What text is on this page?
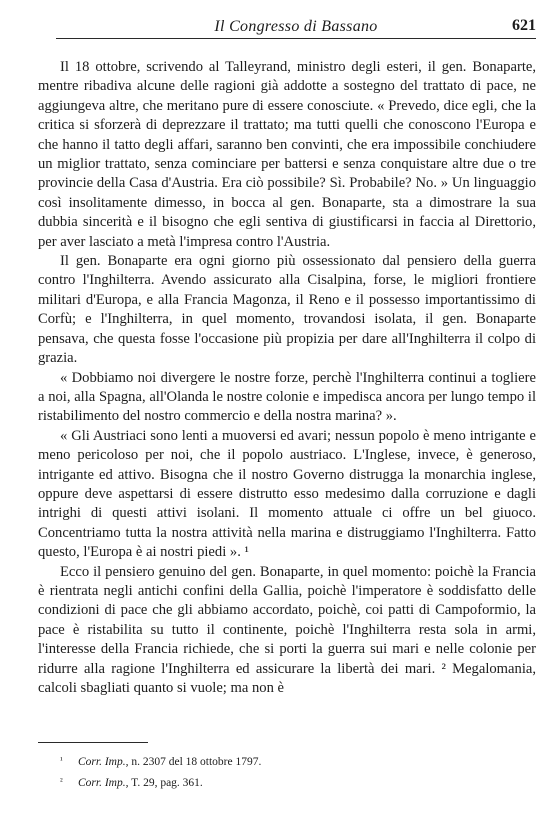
Il Congresso di Bassano	621

Il 18 ottobre, scrivendo al Talleyrand, ministro degli esteri, il gen. Bonaparte, mentre ribadiva alcune delle ragioni già addotte a sostegno del trattato di pace, ne aggiungeva altre, che meritano pure di essere conosciute. « Prevedo, dice egli, che la critica si sforzerà di deprezzare il trattato; ma tutti quelli che conoscono l'Europa e che hanno il tatto degli affari, saranno ben convinti, che era impossibile conchiudere un miglior trattato, senza cominciare per battersi e senza conquistare altre due o tre provincie della Casa d'Austria. Era ciò possibile? Sì. Probabile? No. » Un linguaggio così insolitamente dimesso, in bocca al gen. Bonaparte, sta a dimostrare la sua dubbia sincerità e il bisogno che egli sentiva di giustificarsi in faccia al Direttorio, per aver lasciato a metà l'impresa contro l'Austria.

Il gen. Bonaparte era ogni giorno più ossessionato dal pensiero della guerra contro l'Inghilterra. Avendo assicurato alla Cisalpina, forse, le migliori frontiere militari d'Europa, e alla Francia Magonza, il Reno e il possesso importantissimo di Corfù; e l'Inghilterra, in quel momento, trovandosi isolata, il gen. Bonaparte pensava, che questa fosse l'occasione più propizia per dare all'Inghilterra il colpo di grazia.

« Dobbiamo noi divergere le nostre forze, perchè l'Inghilterra continui a togliere a noi, alla Spagna, all'Olanda le nostre colonie e impedisca ancora per lungo tempo il ristabilimento del nostro commercio e della nostra marina? ».

« Gli Austriaci sono lenti a muoversi ed avari; nessun popolo è meno intrigante e meno pericoloso per noi, che il popolo austriaco. L'Inglese, invece, è generoso, intrigante ed attivo. Bisogna che il nostro Governo distrugga la monarchia inglese, oppure deve aspettarsi di essere distrutto esso medesimo dalla corruzione e dagli intrighi di questi attivi isolani. Il momento attuale ci offre un bel giuoco. Concentriamo tutta la nostra attività nella marina e distruggiamo l'Inghilterra. Fatto questo, l'Europa è ai nostri piedi ». ¹

Ecco il pensiero genuino del gen. Bonaparte, in quel momento: poichè la Francia è rientrata negli antichi confini della Gallia, poichè l'imperatore è soddisfatto delle condizioni di pace che gli abbiamo accordato, poichè, coi patti di Campoformio, la pace è ristabilita su tutto il continente, poichè l'Inghilterra resta sola in armi, l'interesse della Francia richiede, che si porti la guerra sui mari e nelle colonie per ridurre alla ragione l'Inghilterra ed assicurare la libertà dei mari. ² Megalomania, calcoli sbagliati quanto si vuole; ma non è

¹ Corr. Imp., n. 2307 del 18 ottobre 1797.
² Corr. Imp., T. 29, pag. 361.
